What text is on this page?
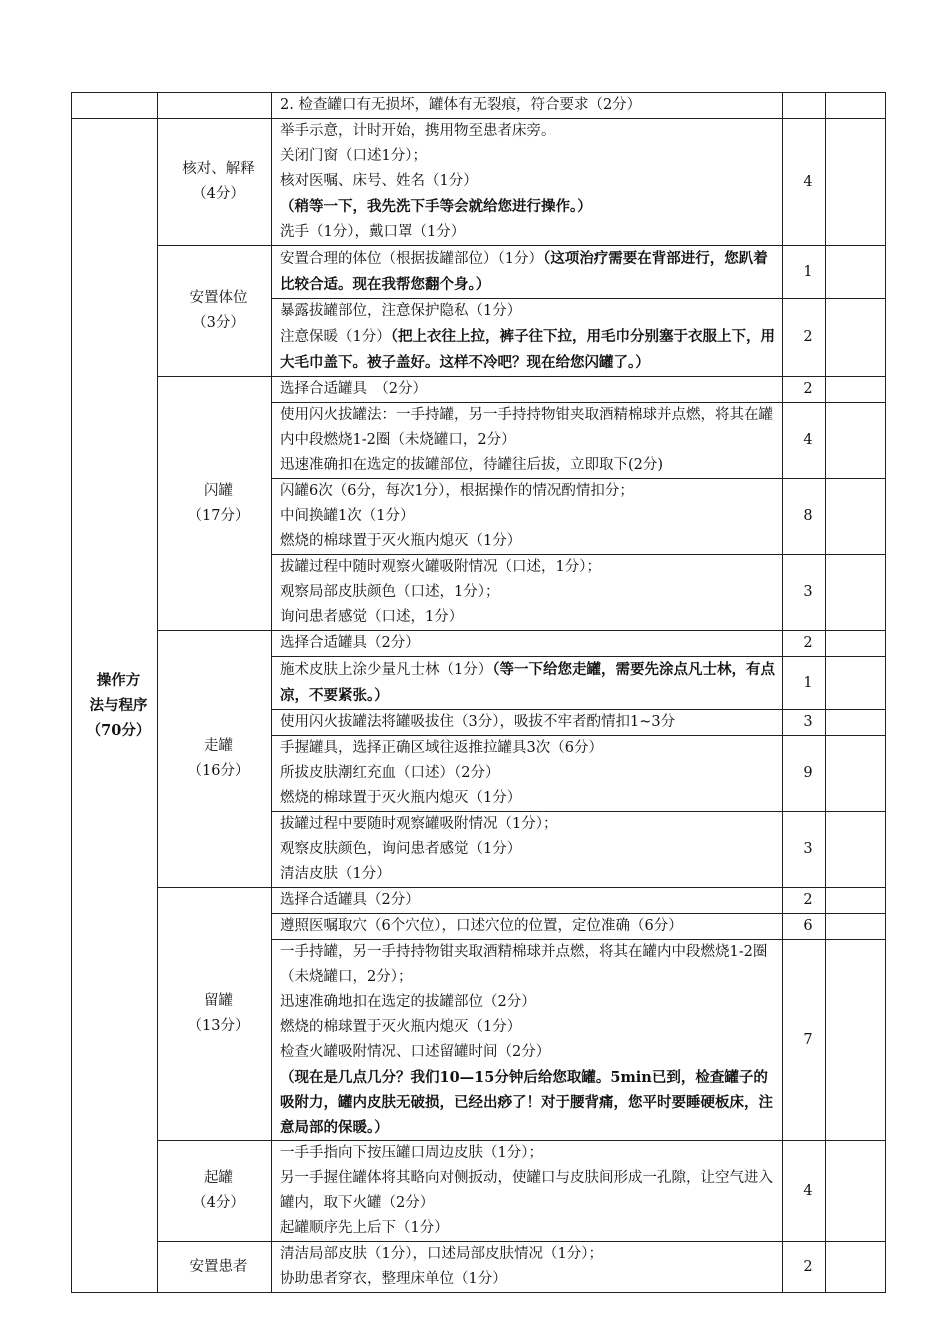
		2. 检查罐口有无损坏，罐体有无裂痕，符合要求（2分）		

操作方
法与程序
（70分）	核对、解释
（4分）	举手示意，计时开始，携用物至患者床旁。
关闭门窗（口述1分）；
核对医嘱、床号、姓名（1分）（稍等一下，我先洗下手等会就给您进行操作。）
洗手（1分），戴口罩（1分）	4	

	安置体位
（3分）	安置合理的体位（根据拔罐部位）（1分）（这项治疗需要在背部进行，您趴着比较合适。现在我帮您翻个身。）	1	

		暴露拔罐部位，注意保护隐私（1分）
注意保暖（1分）（把上衣往上拉，裤子往下拉，用毛巾分别塞于衣服上下，用大毛巾盖下。被子盖好。这样不冷吧？现在给您闪罐了。）	2	

	闪罐
（17分）	选择合适罐具　（2分）	2	

		使用闪火拔罐法：一手持罐，另一手持持物钳夹取酒精棉球并点燃，将其在罐内中段燃烧1-2圈（未烧罐口，2分）
迅速准确扣在选定的拔罐部位，待罐往后拔，立即取下(2分)	4	

		闪罐6次（6分，每次1分），根据操作的情况酌情扣分；
中间换罐1次（1分）
燃烧的棉球置于灭火瓶内熄灭（1分）	8	

		拔罐过程中随时观察火罐吸附情况（口述，1分）；
观察局部皮肤颜色（口述，1分）；
询问患者感觉（口述，1分）	3	

	走罐
（16分）	选择合适罐具（2分）	2	
		施术皮肤上涂少量凡士林（1分）（等一下给您走罐，需要先涂点凡士林，有点凉，不要紧张。）	1	
		使用闪火拔罐法将罐吸拔住（3分），吸拔不牢者酌情扣1~3分	3	

		手握罐具，选择正确区域往返推拉罐具3次（6分）
所拔皮肤潮红充血（口述）（2分）
燃烧的棉球置于灭火瓶内熄灭（1分）	9	

		拔罐过程中要随时观察罐吸附情况（1分）；
观察皮肤颜色，询问患者感觉（1分）
清洁皮肤（1分）	3	

	留罐
（13分）	选择合适罐具（2分）	2	
		遵照医嘱取穴（6个穴位），口述穴位的位置，定位准确（6分）	6	

		一手持罐，另一手持持物钳夹取酒精棉球并点燃，将其在罐内中段燃烧1-2圈（未烧罐口，2分）；
迅速准确地扣在选定的拔罐部位（2分）
燃烧的棉球置于灭火瓶内熄灭（1分）
检查火罐吸附情况、口述留罐时间（2分）
（现在是几点几分？我们10—15分钟后给您取罐。5min已到，检查罐子的吸附力，罐内皮肤无破损，已经出痧了！对于腰背痛，您平时要睡硬板床，注意局部的保暖。）	7	

	起罐
（4分）	一手手指向下按压罐口周边皮肤（1分）；
另一手握住罐体将其略向对侧扳动，使罐口与皮肤间形成一孔隙，让空气进入罐内，取下火罐（2分）
起罐顺序先上后下（1分）	4	
	安置患者	清洁局部皮肤（1分），口述局部皮肤情况（1分）；
协助患者穿衣，整理床单位（1分）	2	
